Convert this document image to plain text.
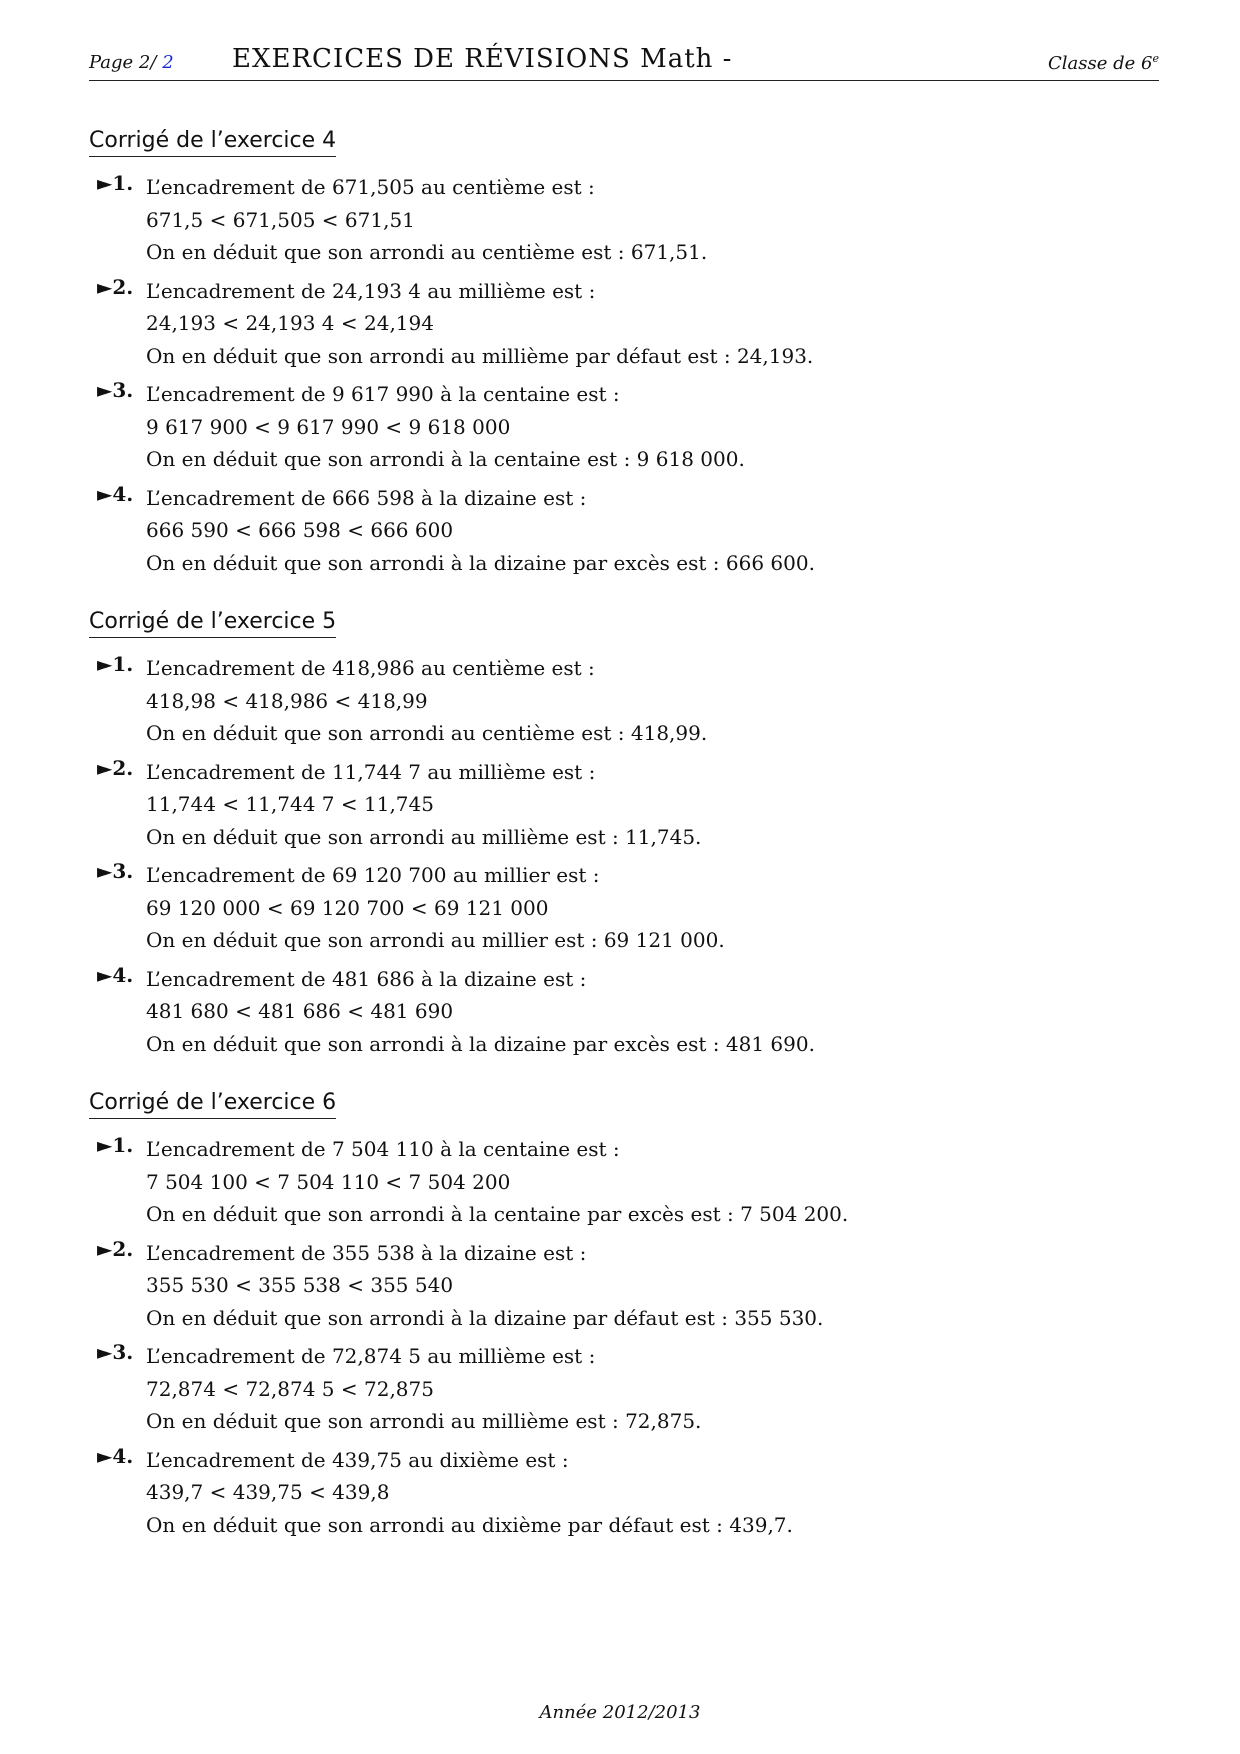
Page 2/ 2 EXERCICES DE RÉVISIONS Math -	Classe de 6e
Corrigé de l’exercice 4
►1. L’encadrement de 671,505 au centième est :
671,5 < 671,505 < 671,51
On en déduit que son arrondi au centième est : 671,51.
►2. L’encadrement de 24,193 4 au millième est :
24,193 < 24,193 4 < 24,194
On en déduit que son arrondi au millième par défaut est : 24,193.
►3. L’encadrement de 9 617 990 à la centaine est :
9 617 900 < 9 617 990 < 9 618 000
On en déduit que son arrondi à la centaine est : 9 618 000.
►4. L’encadrement de 666 598 à la dizaine est :
666 590 < 666 598 < 666 600
On en déduit que son arrondi à la dizaine par excès est : 666 600.
Corrigé de l’exercice 5
►1. L’encadrement de 418,986 au centième est :
418,98 < 418,986 < 418,99
On en déduit que son arrondi au centième est : 418,99.
►2. L’encadrement de 11,744 7 au millième est :
11,744 < 11,744 7 < 11,745
On en déduit que son arrondi au millième est : 11,745.
►3. L’encadrement de 69 120 700 au millier est :
69 120 000 < 69 120 700 < 69 121 000
On en déduit que son arrondi au millier est : 69 121 000.
►4. L’encadrement de 481 686 à la dizaine est :
481 680 < 481 686 < 481 690
On en déduit que son arrondi à la dizaine par excès est : 481 690.
Corrigé de l’exercice 6
►1. L’encadrement de 7 504 110 à la centaine est :
7 504 100 < 7 504 110 < 7 504 200
On en déduit que son arrondi à la centaine par excès est : 7 504 200.
►2. L’encadrement de 355 538 à la dizaine est :
355 530 < 355 538 < 355 540
On en déduit que son arrondi à la dizaine par défaut est : 355 530.
►3. L’encadrement de 72,874 5 au millième est :
72,874 < 72,874 5 < 72,875
On en déduit que son arrondi au millième est : 72,875.
►4. L’encadrement de 439,75 au dixième est :
439,7 < 439,75 < 439,8
On en déduit que son arrondi au dixième par défaut est : 439,7.
Année 2012/2013
